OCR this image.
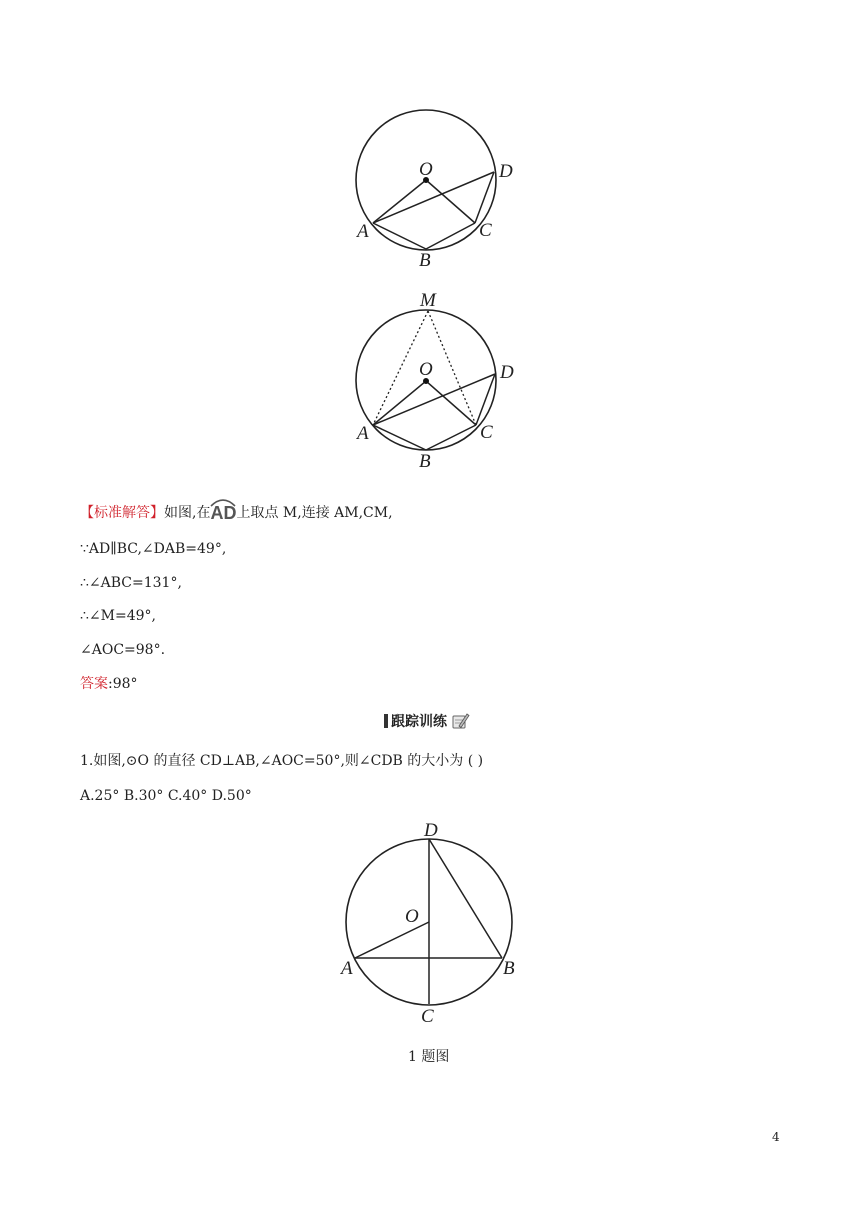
O	D
A	C
B
M
O	D
A	C
B
【标准解答】如图,在
AD上取点 M,连接 AM,CM,
∵AD∥BC,∠DAB=49°,
∴∠ABC=131°,
∴∠M=49°,
∠AOC=98°.
答案:98°
跟踪训练
1.如图,⊙O 的直径 CD⊥AB,∠AOC=50°,则∠CDB 的大小为 ( )
A.25° B.30° C.40° D.50°
D
O
A	B
C
1 题图
4
